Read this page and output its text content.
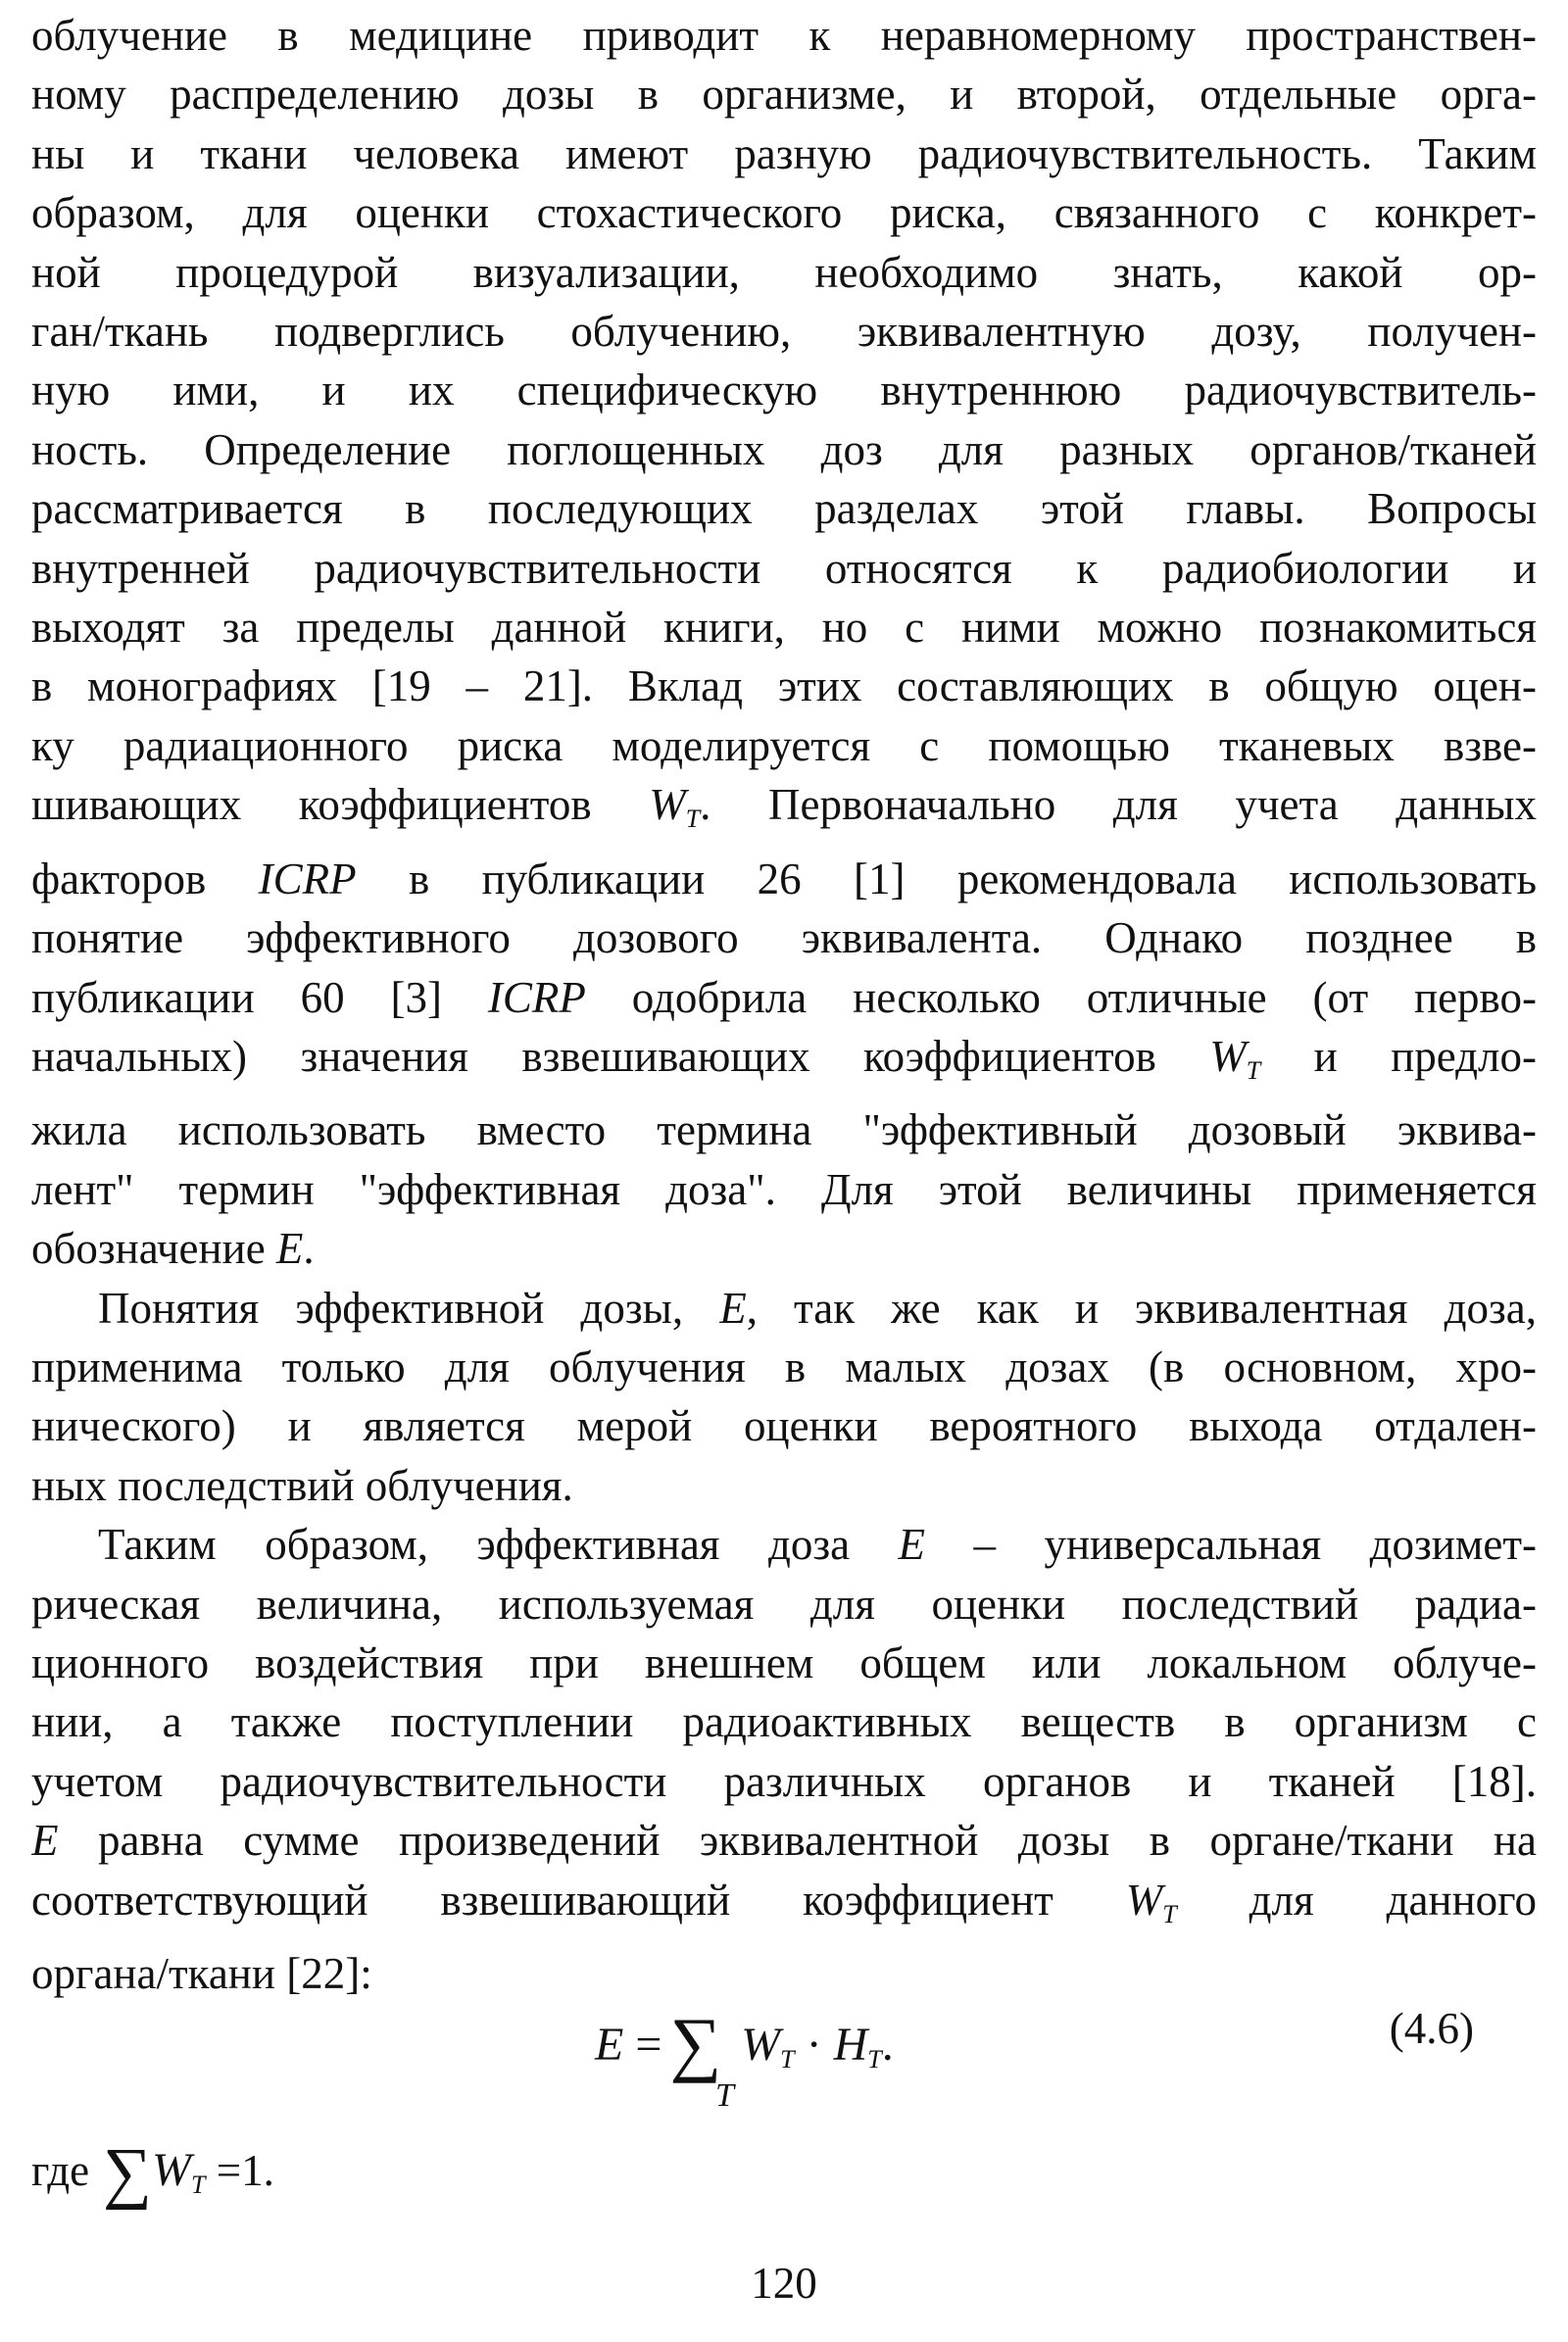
облучение в медицине приводит к неравномерному пространствен-
ному распределению дозы в организме, и второй, отдельные орга-
ны и ткани человека имеют разную радиочувствительность. Таким
образом, для оценки стохастического риска, связанного с конкрет-
ной процедурой визуализации, необходимо знать, какой ор-
ган/ткань подверглись облучению, эквивалентную дозу, получен-
ную ими, и их специфическую внутреннюю радиочувствитель-
ность. Определение поглощенных доз для разных органов/тканей
рассматривается в последующих разделах этой главы. Вопросы
внутренней радиочувствительности относятся к радиобиологии и
выходят за пределы данной книги, но с ними можно познакомиться
в монографиях [19 – 21]. Вклад этих составляющих в общую оцен-
ку радиационного риска моделируется с помощью тканевых взве-
шивающих коэффициентов $W_T$. Первоначально для учета данных
факторов ICRP в публикации 26 [1] рекомендовала использовать
понятие эффективного дозового эквивалента. Однако позднее в
публикации 60 [3] ICRP одобрила несколько отличные (от перво-
начальных) значения взвешивающих коэффициентов $W_T$ и предло-
жила использовать вместо термина "эффективный дозовый эквива-
лент" термин "эффективная доза". Для этой величины применяется
обозначение E.

Понятия эффективной дозы, E, так же как и эквивалентная доза,
применима только для облучения в малых дозах (в основном, хро-
нического) и является мерой оценки вероятного выхода отдален-
ных последствий облучения.

Таким образом, эффективная доза E – универсальная дозимет-
рическая величина, используемая для оценки последствий радиа-
ционного воздействия при внешнем общем или локальном облуче-
нии, а также поступлении радиоактивных веществ в организм с
учетом радиочувствительности различных органов и тканей [18].
E равна сумме произведений эквивалентной дозы в органе/ткани на
соответствующий взвешивающий коэффициент $W_T$ для данного
органа/ткани [22]:

E = ∑ $W_T \cdot H_T$.
T
(4.6)
где $\sum W_T =1$.
120
